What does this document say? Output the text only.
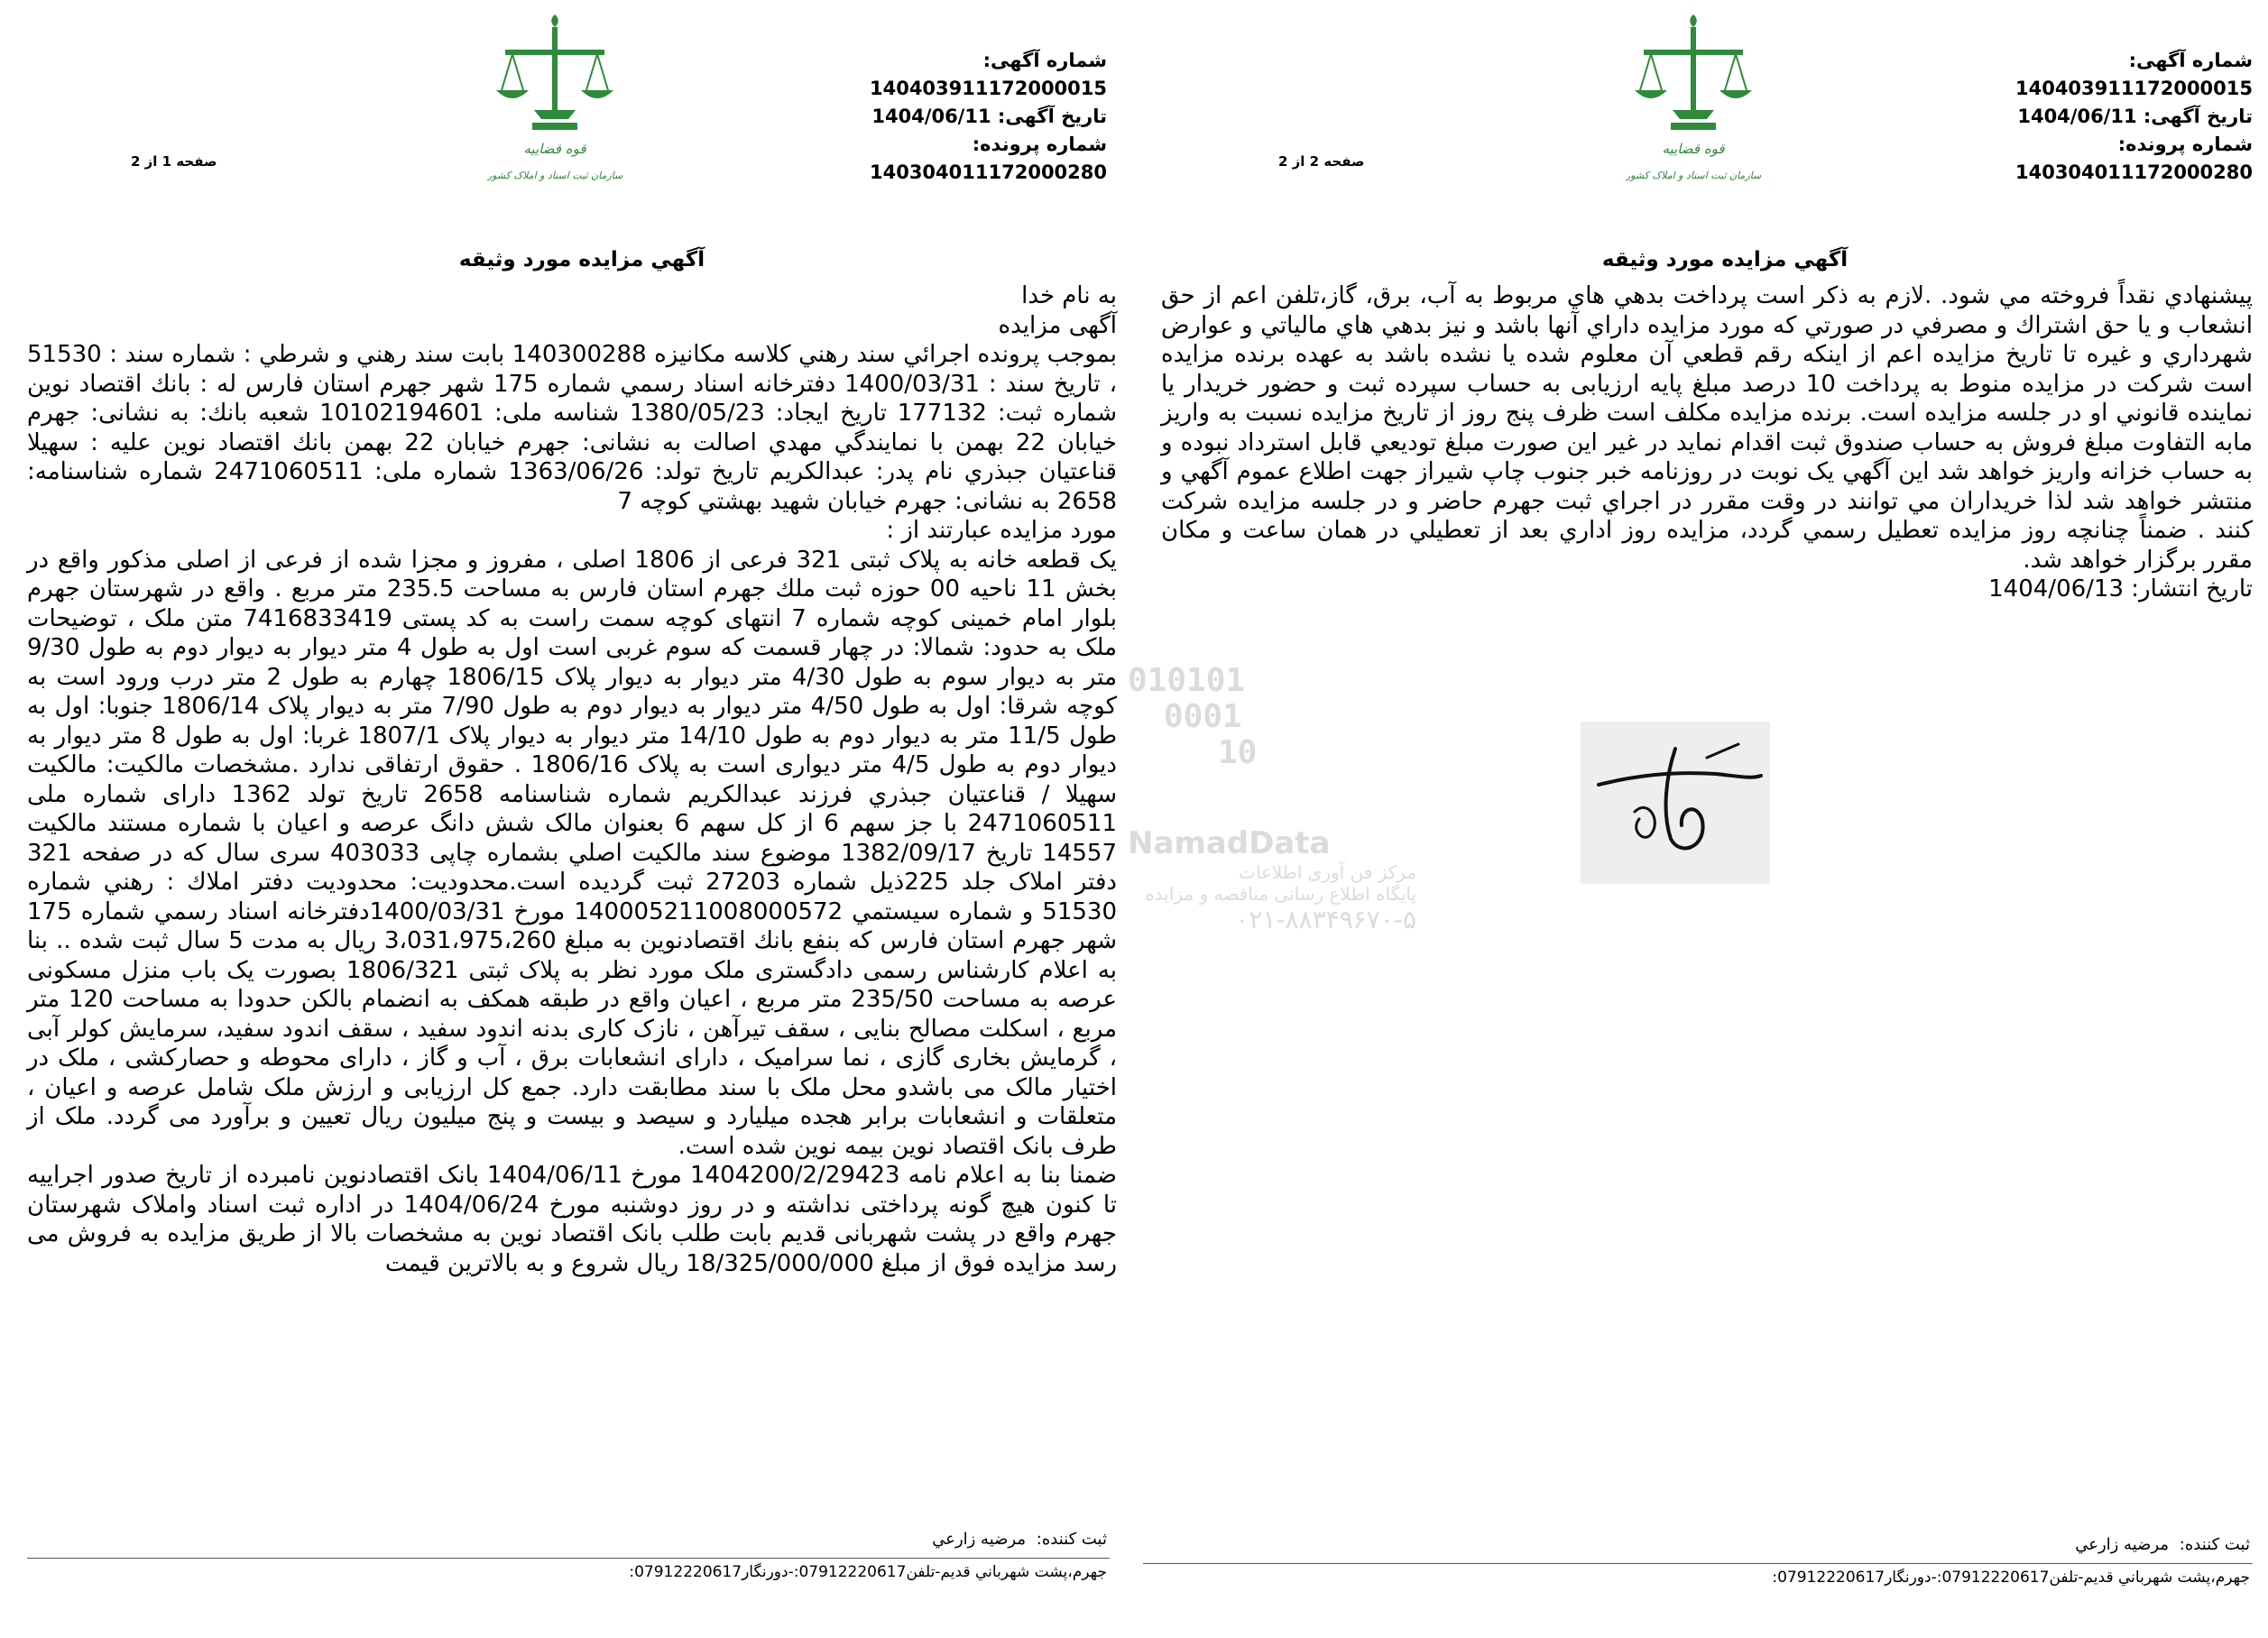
قوه قضاییه
سازمان ثبت اسناد و املاک کشور
شماره آگهی: 140403911172000015
تاریخ آگهی: 1404/06/11
شماره پرونده: 140304011172000280
صفحه 1 از 2
آگهي مزايده مورد وثيقه

به نام خدا

آگهی مزایده

بموجب پرونده اجرائي سند رهني كلاسه مكانيزه 140300288 بابت سند رهني و شرطي : شماره سند : 51530 ، تاريخ سند : 1400/03/31 دفترخانه اسناد رسمي شماره 175 شهر جهرم استان فارس له : بانك اقتصاد نوين شماره ثبت: 177132 تاريخ ايجاد: 1380/05/23 شناسه ملی: 10102194601 شعبه بانك: به نشانی: جهرم خيابان 22 بهمن با نمايندگي مهدي اصالت به نشانی: جهرم خيابان 22 بهمن بانك اقتصاد نوين عليه : سهيلا قناعتيان جبذري نام پدر: عبدالكريم تاريخ تولد: 1363/06/26 شماره ملی: 2471060511 شماره شناسنامه: 2658 به نشانی: جهرم خيابان شهيد بهشتي كوچه 7

مورد مزایده عبارتند از :

يک قطعه خانه به پلاک ثبتی 321 فرعی از 1806 اصلی ، مفروز و مجزا شده از فرعی از اصلی مذکور واقع در بخش 11 ناحيه 00 حوزه ثبت ملك جهرم استان فارس به مساحت 235.5 متر مربع . واقع در شهرستان جهرم بلوار امام خمينی کوچه شماره 7 انتهای کوچه سمت راست به کد پستی 7416833419 متن ملک ، توضیحات ملک به حدود: شمالا: در چهار قسمت که سوم غربی است اول به طول 4 متر ديوار به ديوار دوم به طول 9/30 متر به ديوار سوم به طول 4/30 متر ديوار به ديوار پلاک 1806/15 چهارم به طول 2 متر درب ورود است به کوچه شرقا: اول به طول 4/50 متر ديوار به ديوار دوم به طول 7/90 متر به ديوار پلاک 1806/14 جنوبا: اول به طول 11/5 متر به ديوار دوم به طول 14/10 متر ديوار به ديوار پلاک 1807/1 غربا: اول به طول 8 متر ديوار به ديوار دوم به طول 4/5 متر ديواری است به پلاک 1806/16 . حقوق ارتفاقی ندارد .مشخصات مالکيت: مالکيت سهيلا / قناعتيان جبذري فرزند عبدالكريم شماره شناسنامه 2658 تاريخ تولد 1362 دارای شماره ملی 2471060511 با جز سهم 6 از کل سهم 6 بعنوان مالک شش دانگ عرصه و اعيان با شماره مستند مالکيت 14557 تاريخ 1382/09/17 موضوع سند مالكيت اصلي بشماره چاپی 403033 سری سال که در صفحه 321 دفتر املاک جلد 225ذيل شماره 27203 ثبت گرديده است.محدوديت: محدوديت دفتر املاك : رهني شماره 51530 و شماره سيستمي 140005211008000572 مورخ 1400/03/31دفترخانه اسناد رسمي شماره 175 شهر جهرم استان فارس كه بنفع بانك اقتصادنوين به مبلغ 3،031،975،260 ريال به مدت 5 سال ثبت شده .. بنا به اعلام كارشناس رسمی دادگستری ملک مورد نظر به پلاک ثبتی 1806/321 بصورت یک باب منزل مسکونی عرصه به مساحت 235/50 متر مربع ، اعیان واقع در طبقه همکف به انضمام بالکن حدودا به مساحت 120 متر مربع ، اسکلت مصالح بنایی ، سقف تیرآهن ، نازک کاری بدنه اندود سفید ، سقف اندود سفید، سرمایش کولر آبی ، گرمایش بخاری گازی ، نما سرامیک ، دارای انشعابات برق ، آب و گاز ، دارای محوطه و حصارکشی ، ملک در اختیار مالک می باشدو محل ملک با سند مطابقت دارد. جمع کل ارزیابی و ارزش ملک شامل عرصه و اعیان ، متعلقات و انشعابات برابر هجده میلیارد و سیصد و بیست و پنج میلیون ریال تعیین و برآورد می گردد. ملک از طرف بانک اقتصاد نوین بیمه نوین شده است.

ضمنا بنا به اعلام نامه 1404200/2/29423 مورخ 1404/06/11 بانک اقتصادنوین نامبرده از تاریخ صدور اجراییه تا کنون هیچ گونه پرداختی نداشته و در روز دوشنبه مورخ 1404/06/24 در اداره ثبت اسناد واملاک شهرستان جهرم واقع در پشت شهربانی قدیم بابت طلب بانک اقتصاد نوین به مشخصات بالا از طریق مزایده به فروش می رسد مزايده فوق از مبلغ 18/325/000/000 ريال شروع و به بالاترين قيمت

ثبت كننده:
مرضيه زارعي
جهرم،پشت شهرباني قديم-تلفن07912220617:-دورنگار07912220617:
قوه قضاییه
سازمان ثبت اسناد و املاک کشور
شماره آگهی: 140403911172000015
تاریخ آگهی: 1404/06/11
شماره پرونده: 140304011172000280
صفحه 2 از 2
آگهي مزايده مورد وثيقه

پيشنهادي نقداً فروخته مي شود. .لازم به ذكر است پرداخت بدهي هاي مربوط به آب، برق، گاز،تلفن اعم از حق انشعاب و يا حق اشتراك و مصرفي در صورتي كه مورد مزايده داراي آنها باشد و نيز بدهي هاي مالياتي و عوارض شهرداري و غيره تا تاريخ مزايده اعم از اينكه رقم قطعي آن معلوم شده يا نشده باشد به عهده برنده مزايده است شركت در مزايده منوط به پرداخت 10 درصد مبلغ پايه ارزيابی به حساب سپرده ثبت و حضور خريدار يا نماينده قانوني او در جلسه مزايده است. برنده مزايده مكلف است ظرف پنج روز از تاريخ مزايده نسبت به واريز مابه التفاوت مبلغ فروش به حساب صندوق ثبت اقدام نمايد در غير اين صورت مبلغ توديعي قابل استرداد نبوده و به حساب خزانه واريز خواهد شد اين آگهي يک نوبت در روزنامه خبر جنوب چاپ شيراز جهت اطلاع عموم آگهي و منتشر خواهد شد لذا خريداران مي توانند در وقت مقرر در اجراي ثبت جهرم حاضر و در جلسه مزايده شركت كنند . ضمناً چنانچه روز مزايده تعطيل رسمي گردد، مزايده روز اداري بعد از تعطيلي در همان ساعت و مكان مقرر برگزار خواهد شد.

تاريخ انتشار: 1404/06/13

ثبت كننده:
مرضيه زارعي
جهرم،پشت شهرباني قديم-تلفن07912220617:-دورنگار07912220617:
010101
0001
10
NamadData
مرکز فن آوری اطلاعات
پایگاه اطلاع رسانی مناقصه و مزایده
۰۲۱-۸۸۳۴۹۶۷۰-۵
